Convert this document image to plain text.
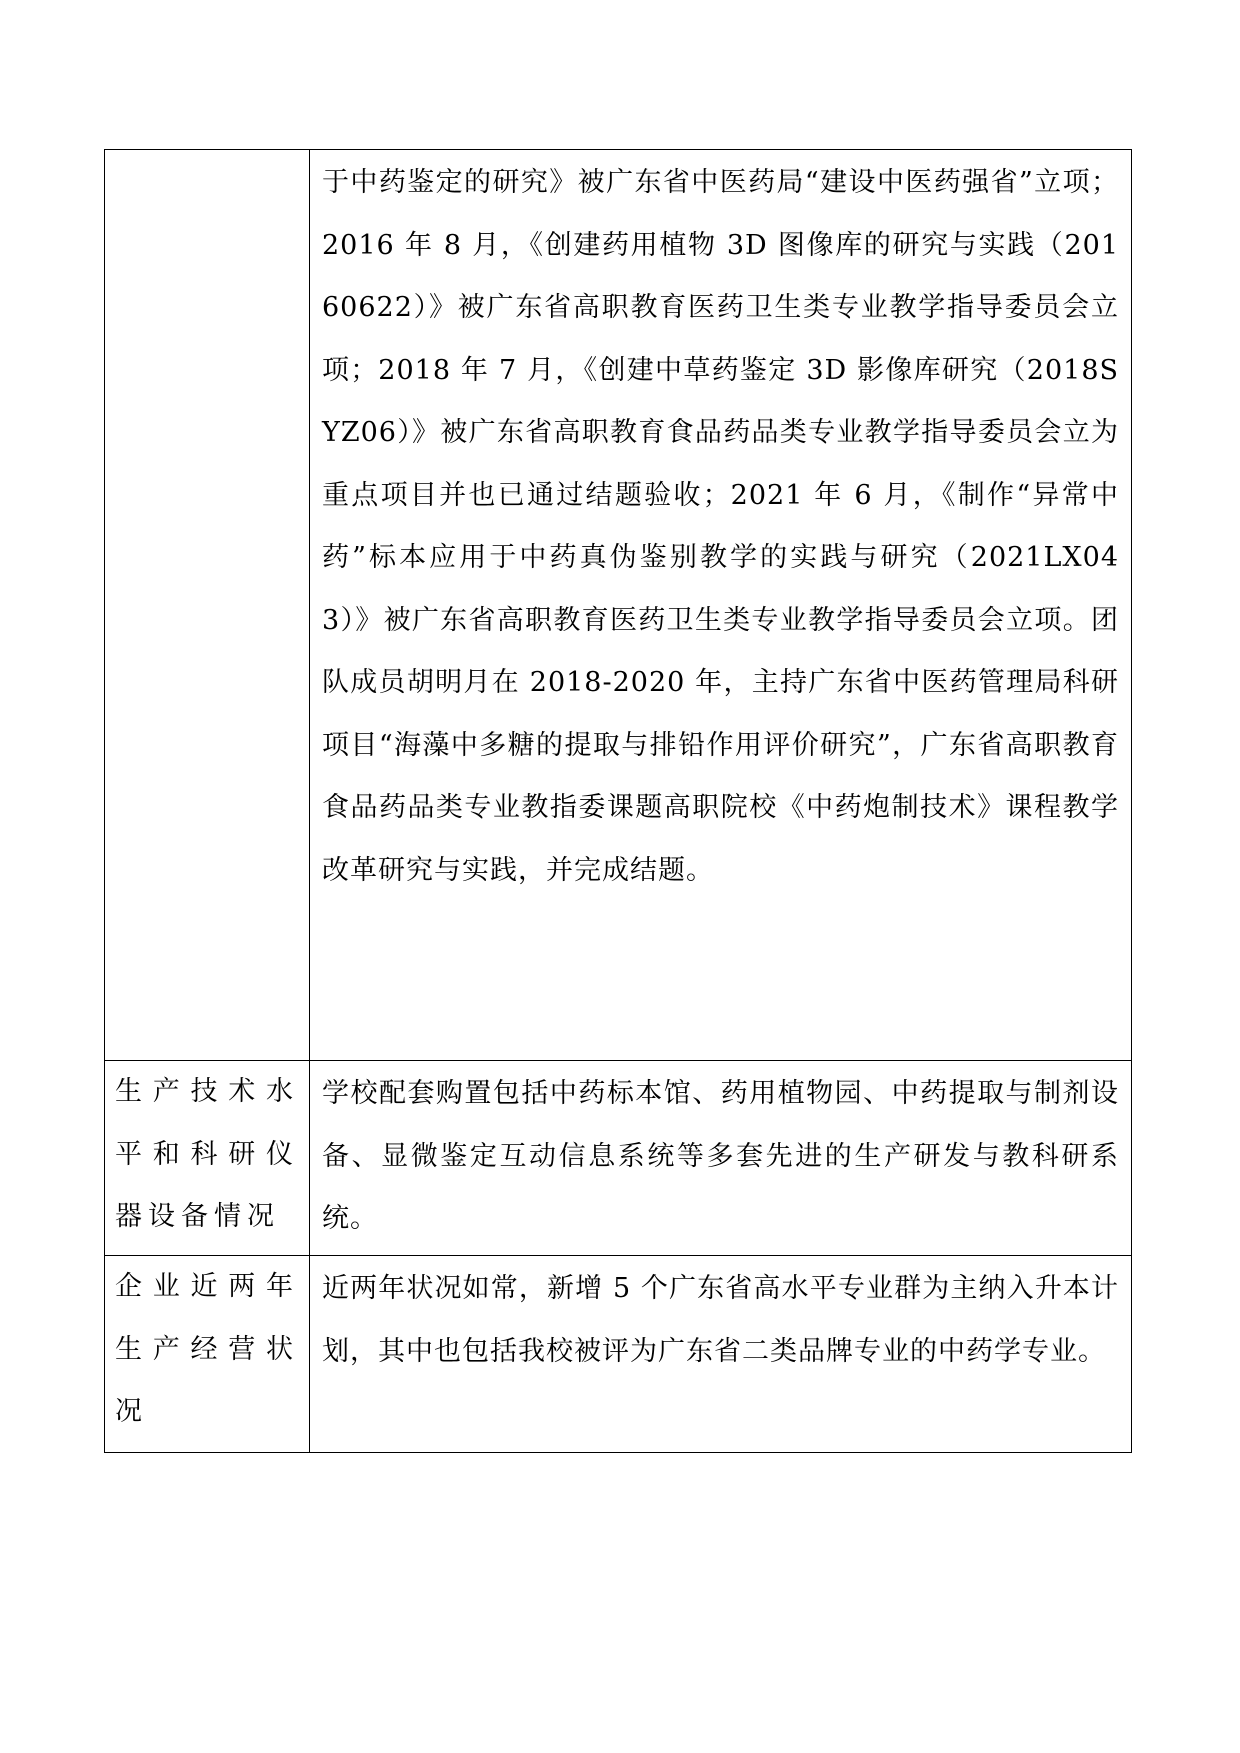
	于中药鉴定的研究》被广东省中医药局“建设中医药强省”立项；2016 年 8 月，《创建药用植物 3D 图像库的研究与实践（20160622）》被广东省高职教育医药卫生类专业教学指导委员会立项；2018 年 7 月，《创建中草药鉴定 3D 影像库研究（2018SYZ06）》被广东省高职教育食品药品类专业教学指导委员会立为重点项目并也已通过结题验收；2021 年 6 月，《制作“异常中药”标本应用于中药真伪鉴别教学的实践与研究（2021LX043）》被广东省高职教育医药卫生类专业教学指导委员会立项。团队成员胡明月在 2018-2020 年，主持广东省中医药管理局科研项目“海藻中多糖的提取与排铅作用评价研究”，广东省高职教育食品药品类专业教指委课题高职院校《中药炮制技术》课程教学改革研究与实践，并完成结题。
生产技术水平和科研仪器设备情况	学校配套购置包括中药标本馆、药用植物园、中药提取与制剂设备、显微鉴定互动信息系统等多套先进的生产研发与教科研系统。
企业近两年生产经营状况	近两年状况如常，新增 5 个广东省高水平专业群为主纳入升本计划，其中也包括我校被评为广东省二类品牌专业的中药学专业。
